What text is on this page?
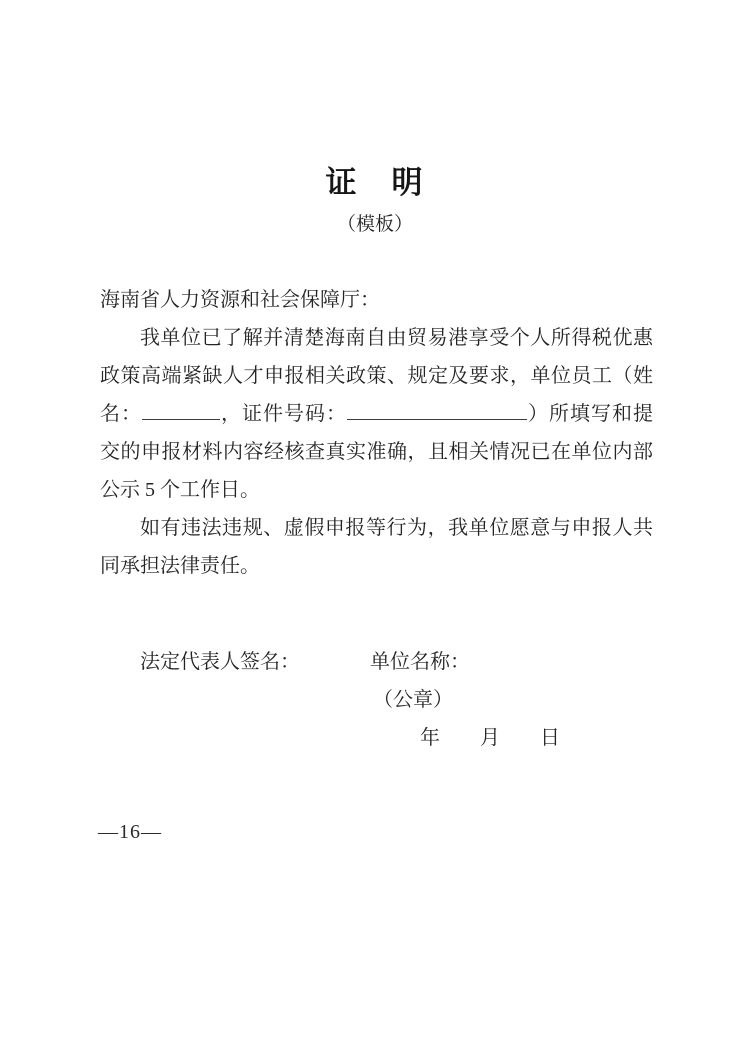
证　明
（模板）

海南省人力资源和社会保障厅：

我单位已了解并清楚海南自由贸易港享受个人所得税优惠政策高端紧缺人才申报相关政策、规定及要求，单位员工（姓名：	，证件号码：	）所填写和提交的申报材料内容经核查真实准确，且相关情况已在单位内部公示 5 个工作日。

如有违法违规、虚假申报等行为，我单位愿意与申报人共同承担法律责任。

法定代表人签名：	单位名称：
（公章）
年　　月　　日
—16—
